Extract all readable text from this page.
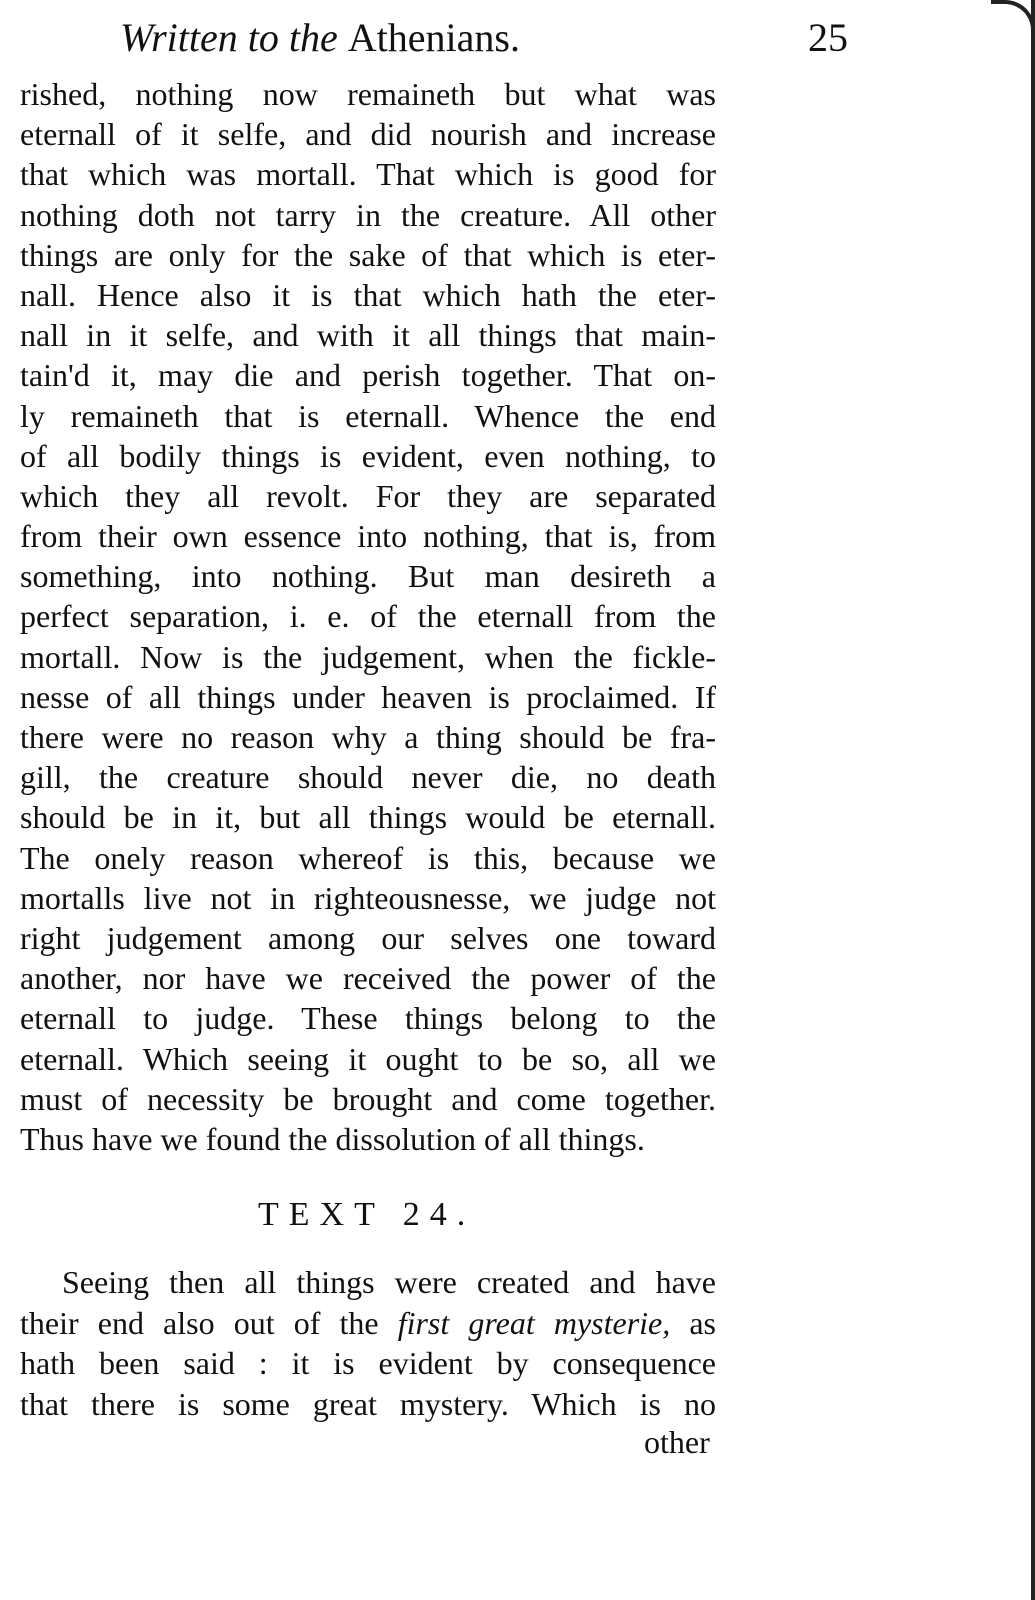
Written to the Athenians.	25
rished, nothing now remaineth but what was
eternall of it selfe, and did nourish and increase
that which was mortall. That which is good for
nothing doth not tarry in the creature. All other
things are only for the sake of that which is eter-
nall. Hence also it is that which hath the eter-
nall in it selfe, and with it all things that main-
tain'd it, may die and perish together. That on-
ly remaineth that is eternall. Whence the end
of all bodily things is evident, even nothing, to
which they all revolt. For they are separated
from their own essence into nothing, that is, from
something, into nothing. But man desireth a
perfect separation, i. e. of the eternall from the
mortall. Now is the judgement, when the fickle-
nesse of all things under heaven is proclaimed. If
there were no reason why a thing should be fra-
gill, the creature should never die, no death
should be in it, but all things would be eternall.
The onely reason whereof is this, because we
mortalls live not in righteousnesse, we judge not
right judgement among our selves one toward
another, nor have we received the power of the
eternall to judge. These things belong to the
eternall. Which seeing it ought to be so, all we
must of necessity be brought and come together.
Thus have we found the dissolution of all things.
TEXT 24.
Seeing then all things were created and have
their end also out of the first great mysterie, as
hath been said : it is evident by consequence
that there is some great mystery. Which is no
other
